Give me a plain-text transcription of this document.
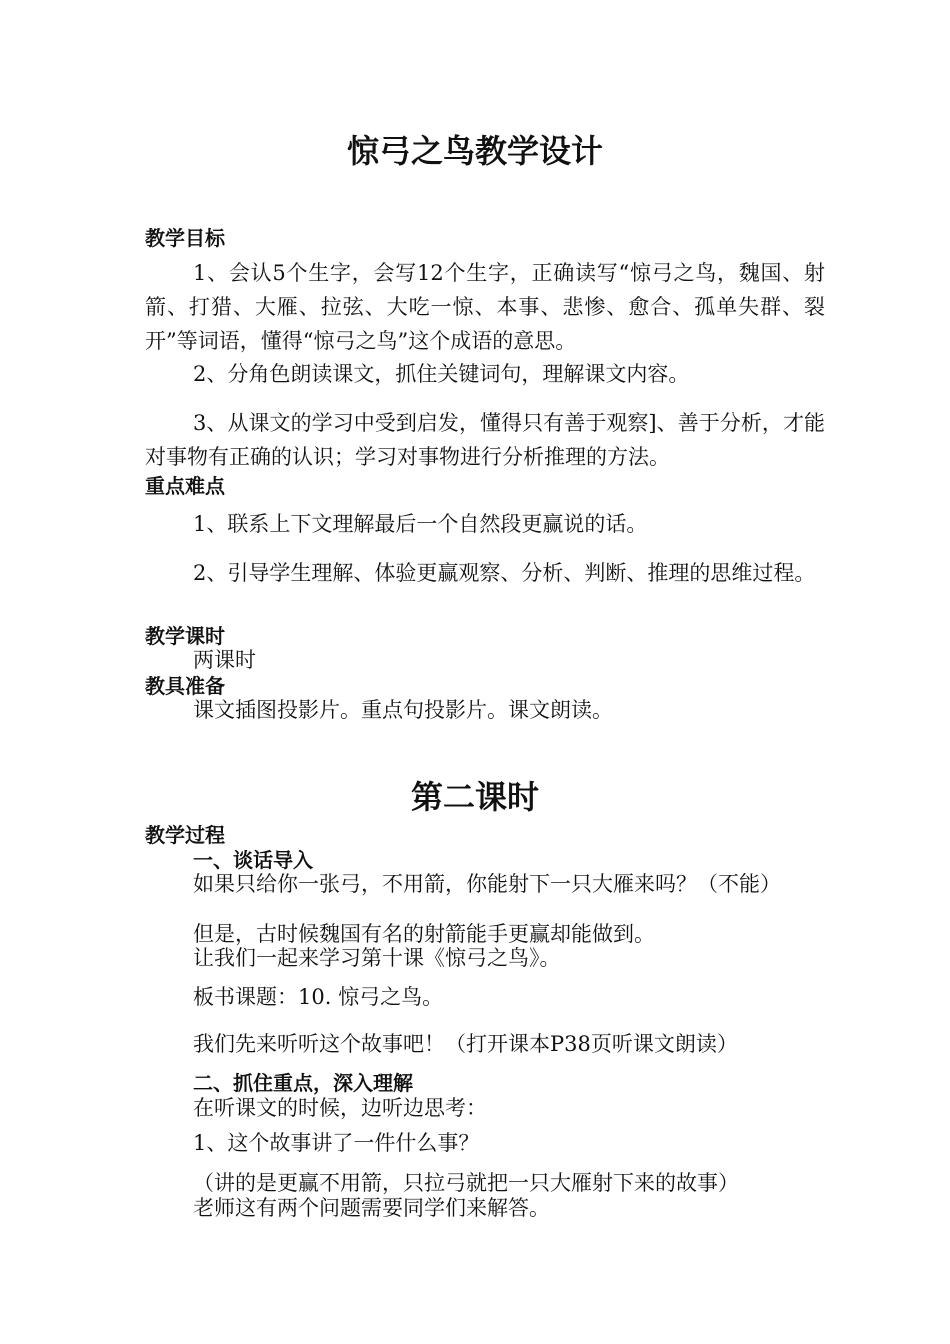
惊弓之鸟教学设计
教学目标

1、会认5个生字，会写12个生字，正确读写“惊弓之鸟，魏国、射箭、打猎、大雁、拉弦、大吃一惊、本事、悲惨、愈合、孤单失群、裂开”等词语，懂得“惊弓之鸟”这个成语的意思。

2、分角色朗读课文，抓住关键词句，理解课文内容。

3、从课文的学习中受到启发，懂得只有善于观察]、善于分析，才能对事物有正确的认识；学习对事物进行分析推理的方法。

重点难点

1、联系上下文理解最后一个自然段更赢说的话。

2、引导学生理解、体验更赢观察、分析、判断、推理的思维过程。

教学课时
两课时
教具准备
课文插图投影片。重点句投影片。课文朗读。
第二课时
教学过程
一、谈话导入

如果只给你一张弓，不用箭，你能射下一只大雁来吗？（不能）

但是，古时候魏国有名的射箭能手更赢却能做到。
让我们一起来学习第十课《惊弓之鸟》。
板书课题：10. 惊弓之鸟。
我们先来听听这个故事吧！（打开课本P38页听课文朗读）
二、抓住重点，深入理解
在听课文的时候，边听边思考：
1、这个故事讲了一件什么事？
（讲的是更赢不用箭，只拉弓就把一只大雁射下来的故事）
老师这有两个问题需要同学们来解答。
